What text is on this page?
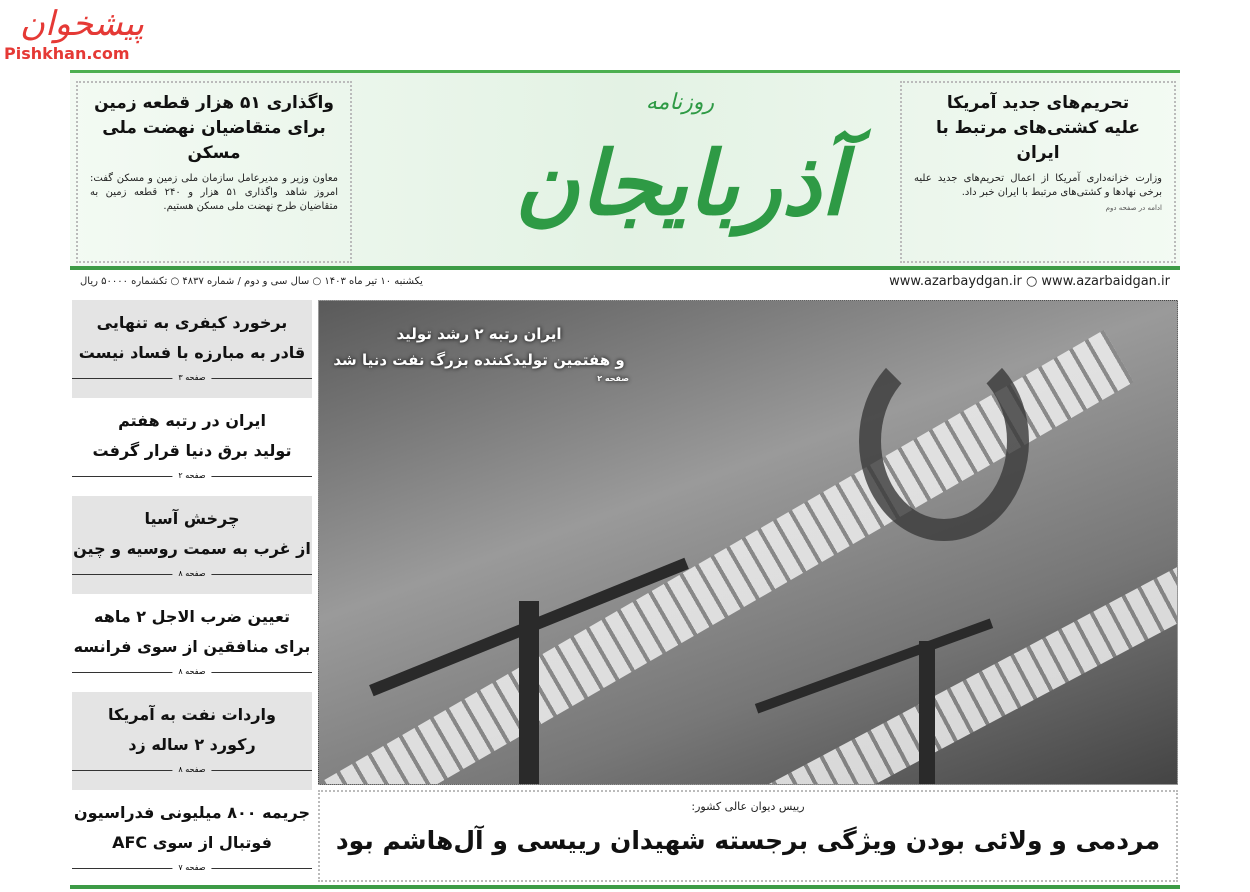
پیشخوان
Pishkhan.com
واگذاری ۵۱ هزار قطعه زمین
برای متقاضیان نهضت ملی مسکن

معاون وزیر و مدیرعامل سازمان ملی زمین و مسکن گفت: امروز شاهد واگذاری ۵۱ هزار و ۲۴۰ قطعه زمین به متقاضیان طرح نهضت ملی مسکن هستیم.

روزنامه
آذربایجان
تحریم‌های جدید آمریکا
علیه کشتی‌های مرتبط با ایران

وزارت خزانه‌داری آمریکا از اعمال تحریم‌های جدید علیه برخی نهادها و کشتی‌های مرتبط با ایران خبر داد.

ادامه در صفحه دوم
یکشنبه ۱۰ تیر ماه ۱۴۰۳ ○ سال سی و دوم / شماره ۴۸۳۷ ○ تکشماره ۵۰۰۰۰ ریال	www.azarbaydgan.ir ○ www.azarbaidgan.ir
برخورد کیفری به تنهایی
قادر به مبارزه با فساد نیست
صفحه ۳
ایران در رتبه هفتم
تولید برق دنیا قرار گرفت
صفحه ۲
چرخش آسیا
از غرب به سمت روسیه و چین
صفحه ۸
تعیین ضرب الاجل ۲ ماهه
برای منافقین از سوی فرانسه
صفحه ۸
واردات نفت به آمریکا
رکورد ۲ ساله زد
صفحه ۸
جریمه ۸۰۰ میلیونی فدراسیون
فوتبال از سوی AFC
صفحه ۷
ایران رتبه ۲ رشد تولید
و هفتمین تولیدکننده بزرگ نفت دنیا شد
صفحه ۲
رییس دیوان عالی کشور:
مردمی و ولائی بودن ویژگی برجسته شهیدان رییسی و آل‌هاشم بود
